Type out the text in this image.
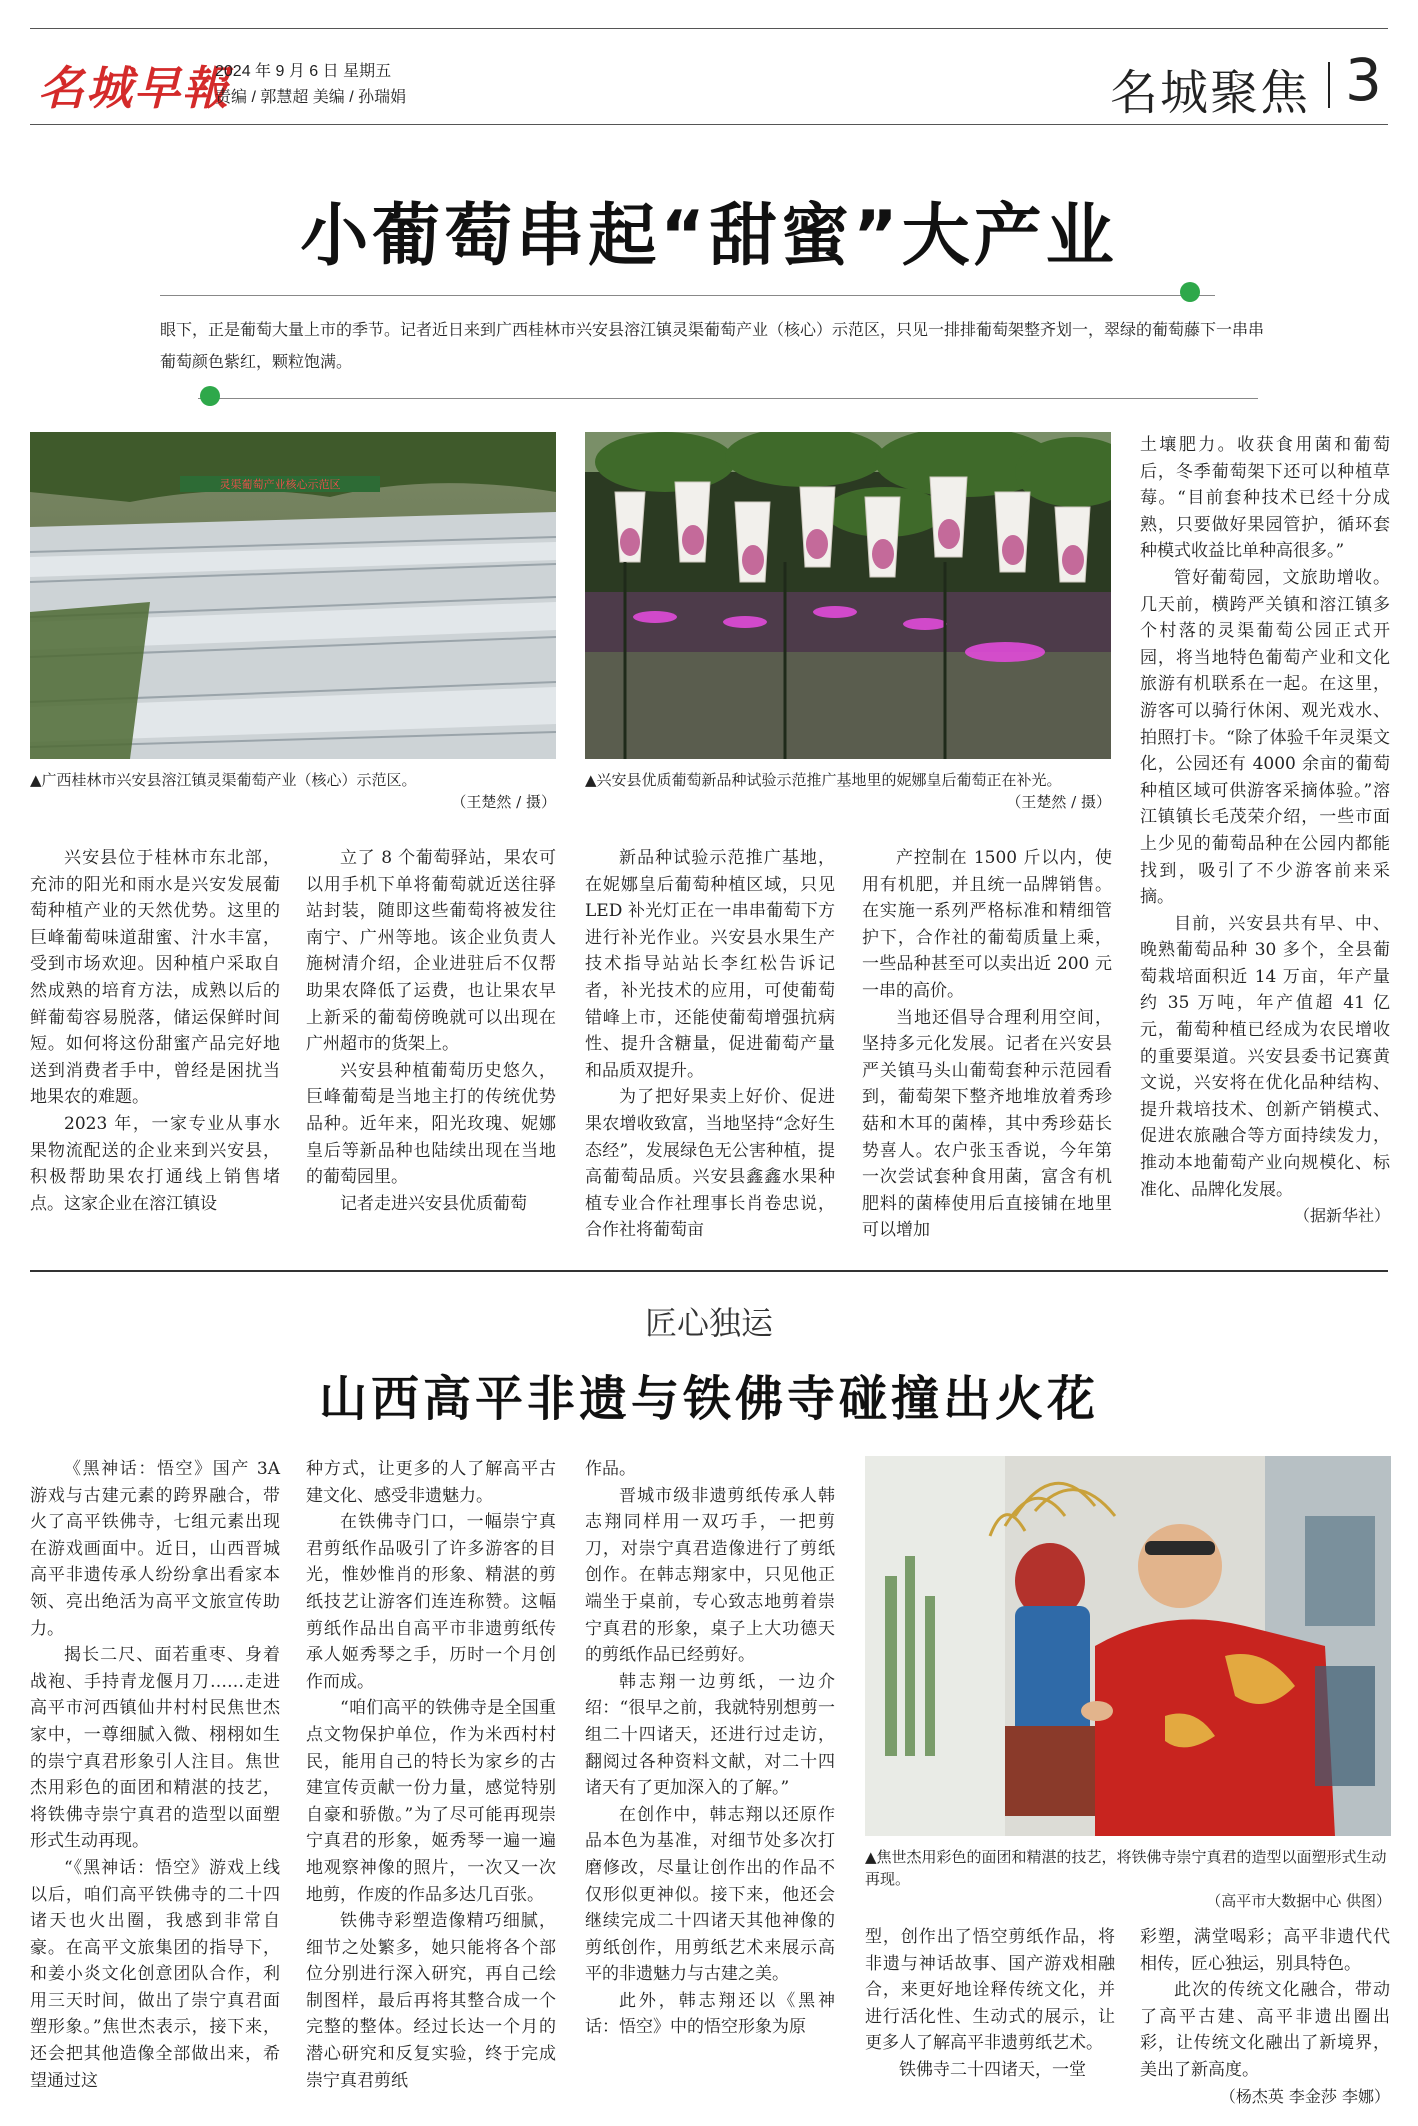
名城早報
2024 年 9 月 6 日 星期五
责编 / 郭慧超 美编 / 孙瑞娟	名城聚焦 3
小葡萄串起“甜蜜”大产业
眼下，正是葡萄大量上市的季节。记者近日来到广西桂林市兴安县溶江镇灵渠葡萄产业（核心）示范区，只见一排排葡萄架整齐划一，翠绿的葡萄藤下一串串葡萄颜色紫红，颗粒饱满。
灵渠葡萄产业核心示范区
▲广西桂林市兴安县溶江镇灵渠葡萄产业（核心）示范区。
（王楚然 / 摄）
▲兴安县优质葡萄新品种试验示范推广基地里的妮娜皇后葡萄正在补光。
（王楚然 / 摄）

兴安县位于桂林市东北部，充沛的阳光和雨水是兴安发展葡萄种植产业的天然优势。这里的巨峰葡萄味道甜蜜、汁水丰富，受到市场欢迎。因种植户采取自然成熟的培育方法，成熟以后的鲜葡萄容易脱落，储运保鲜时间短。如何将这份甜蜜产品完好地送到消费者手中，曾经是困扰当地果农的难题。

2023 年，一家专业从事水果物流配送的企业来到兴安县，积极帮助果农打通线上销售堵点。这家企业在溶江镇设

立了 8 个葡萄驿站，果农可以用手机下单将葡萄就近送往驿站封装，随即这些葡萄将被发往南宁、广州等地。该企业负责人施树清介绍，企业进驻后不仅帮助果农降低了运费，也让果农早上新采的葡萄傍晚就可以出现在广州超市的货架上。

兴安县种植葡萄历史悠久，巨峰葡萄是当地主打的传统优势品种。近年来，阳光玫瑰、妮娜皇后等新品种也陆续出现在当地的葡萄园里。

记者走进兴安县优质葡萄

新品种试验示范推广基地，在妮娜皇后葡萄种植区域，只见 LED 补光灯正在一串串葡萄下方进行补光作业。兴安县水果生产技术指导站站长李红松告诉记者，补光技术的应用，可使葡萄错峰上市，还能使葡萄增强抗病性、提升含糖量，促进葡萄产量和品质双提升。

为了把好果卖上好价、促进果农增收致富，当地坚持“念好生态经”，发展绿色无公害种植，提高葡萄品质。兴安县鑫鑫水果种植专业合作社理事长肖卷忠说，合作社将葡萄亩

产控制在 1500 斤以内，使用有机肥，并且统一品牌销售。在实施一系列严格标准和精细管护下，合作社的葡萄质量上乘，一些品种甚至可以卖出近 200 元一串的高价。

当地还倡导合理利用空间，坚持多元化发展。记者在兴安县严关镇马头山葡萄套种示范园看到，葡萄架下整齐地堆放着秀珍菇和木耳的菌棒，其中秀珍菇长势喜人。农户张玉香说，今年第一次尝试套种食用菌，富含有机肥料的菌棒使用后直接铺在地里可以增加

土壤肥力。收获食用菌和葡萄后，冬季葡萄架下还可以种植草莓。“目前套种技术已经十分成熟，只要做好果园管护，循环套种模式收益比单种高很多。”

管好葡萄园，文旅助增收。几天前，横跨严关镇和溶江镇多个村落的灵渠葡萄公园正式开园，将当地特色葡萄产业和文化旅游有机联系在一起。在这里，游客可以骑行休闲、观光戏水、拍照打卡。“除了体验千年灵渠文化，公园还有 4000 余亩的葡萄种植区域可供游客采摘体验。”溶江镇镇长毛茂荣介绍，一些市面上少见的葡萄品种在公园内都能找到，吸引了不少游客前来采摘。

目前，兴安县共有早、中、晚熟葡萄品种 30 多个，全县葡萄栽培面积近 14 万亩，年产量约 35 万吨，年产值超 41 亿元，葡萄种植已经成为农民增收的重要渠道。兴安县委书记赛黄文说，兴安将在优化品种结构、提升栽培技术、创新产销模式、促进农旅融合等方面持续发力，推动本地葡萄产业向规模化、标准化、品牌化发展。

（据新华社）
匠心独运
山西高平非遗与铁佛寺碰撞出火花
▲焦世杰用彩色的面团和精湛的技艺，将铁佛寺崇宁真君的造型以面塑形式生动再现。
（高平市大数据中心 供图）

《黑神话：悟空》国产 3A 游戏与古建元素的跨界融合，带火了高平铁佛寺，七组元素出现在游戏画面中。近日，山西晋城高平非遗传承人纷纷拿出看家本领、亮出绝活为高平文旅宣传助力。

揭长二尺、面若重枣、身着战袍、手持青龙偃月刀……走进高平市河西镇仙井村村民焦世杰家中，一尊细腻入微、栩栩如生的崇宁真君形象引人注目。焦世杰用彩色的面团和精湛的技艺，将铁佛寺崇宁真君的造型以面塑形式生动再现。

“《黑神话：悟空》游戏上线以后，咱们高平铁佛寺的二十四诸天也火出圈，我感到非常自豪。在高平文旅集团的指导下，和姜小炎文化创意团队合作，利用三天时间，做出了崇宁真君面塑形象。”焦世杰表示，接下来，还会把其他造像全部做出来，希望通过这

种方式，让更多的人了解高平古建文化、感受非遗魅力。

在铁佛寺门口，一幅崇宁真君剪纸作品吸引了许多游客的目光，惟妙惟肖的形象、精湛的剪纸技艺让游客们连连称赞。这幅剪纸作品出自高平市非遗剪纸传承人姬秀琴之手，历时一个月创作而成。

“咱们高平的铁佛寺是全国重点文物保护单位，作为米西村村民，能用自己的特长为家乡的古建宣传贡献一份力量，感觉特别自豪和骄傲。”为了尽可能再现崇宁真君的形象，姬秀琴一遍一遍地观察神像的照片，一次又一次地剪，作废的作品多达几百张。

铁佛寺彩塑造像精巧细腻，细节之处繁多，她只能将各个部位分别进行深入研究，再自己绘制图样，最后再将其整合成一个完整的整体。经过长达一个月的潜心研究和反复实验，终于完成崇宁真君剪纸

作品。

晋城市级非遗剪纸传承人韩志翔同样用一双巧手，一把剪刀，对崇宁真君造像进行了剪纸创作。在韩志翔家中，只见他正端坐于桌前，专心致志地剪着崇宁真君的形象，桌子上大功德天的剪纸作品已经剪好。

韩志翔一边剪纸，一边介绍：“很早之前，我就特别想剪一组二十四诸天，还进行过走访，翻阅过各种资料文献，对二十四诸天有了更加深入的了解。”

在创作中，韩志翔以还原作品本色为基准，对细节处多次打磨修改，尽量让创作出的作品不仅形似更神似。接下来，他还会继续完成二十四诸天其他神像的剪纸创作，用剪纸艺术来展示高平的非遗魅力与古建之美。

此外，韩志翔还以《黑神话：悟空》中的悟空形象为原

型，创作出了悟空剪纸作品，将非遗与神话故事、国产游戏相融合，来更好地诠释传统文化，并进行活化性、生动式的展示，让更多人了解高平非遗剪纸艺术。

铁佛寺二十四诸天，一堂

彩塑，满堂喝彩；高平非遗代代相传，匠心独运，别具特色。

此次的传统文化融合，带动了高平古建、高平非遗出圈出彩，让传统文化融出了新境界，美出了新高度。

（杨杰英 李金莎 李娜）
